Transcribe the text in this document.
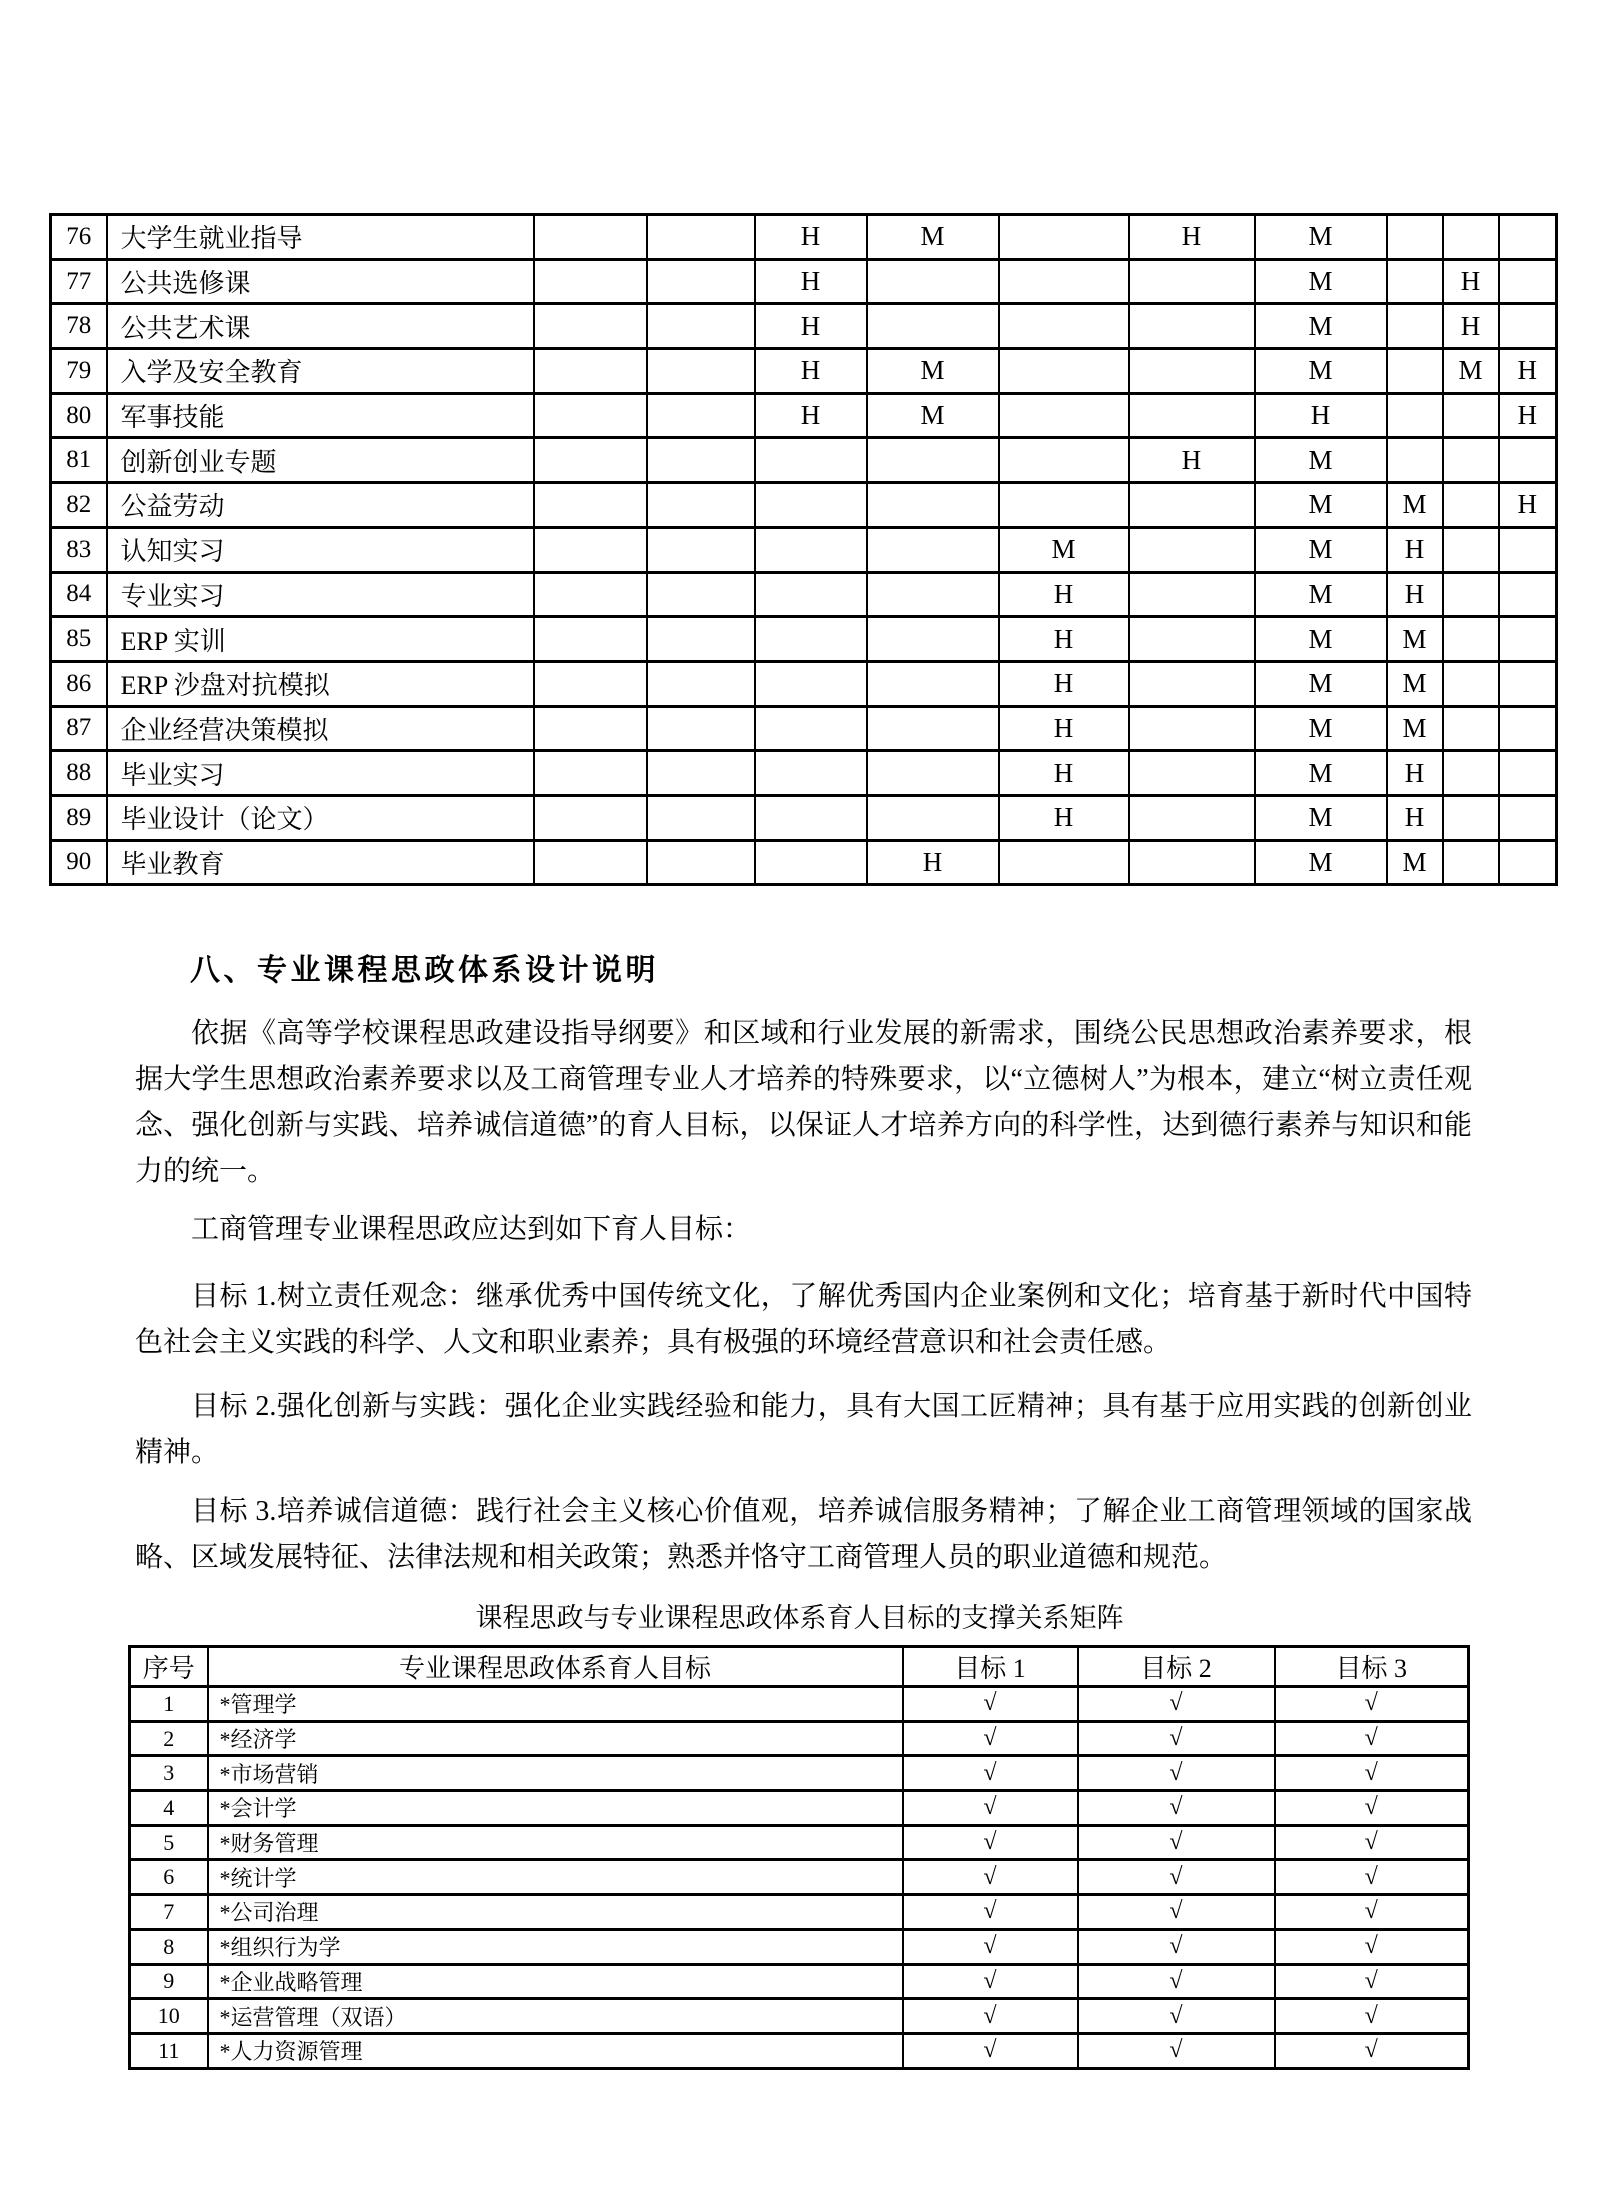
76	大学生就业指导			H	M		H	M			
77	公共选修课			H				M		H	
78	公共艺术课			H				M		H	
79	入学及安全教育			H	M			M		M	H
80	军事技能			H	M			H			H
81	创新创业专题						H	M			
82	公益劳动							M	M		H
83	认知实习					M		M	H		
84	专业实习					H		M	H		
85	ERP 实训					H		M	M		
86	ERP 沙盘对抗模拟					H		M	M		
87	企业经营决策模拟					H		M	M		
88	毕业实习					H		M	H		
89	毕业设计（论文）					H		M	H		
90	毕业教育				H			M	M		
八、专业课程思政体系设计说明

依据《高等学校课程思政建设指导纲要》和区域和行业发展的新需求，围绕公民思想政治素养要求，根据大学生思想政治素养要求以及工商管理专业人才培养的特殊要求，以“立德树人”为根本，建立“树立责任观念、强化创新与实践、培养诚信道德”的育人目标，以保证人才培养方向的科学性，达到德行素养与知识和能力的统一。

工商管理专业课程思政应达到如下育人目标：

目标 1.树立责任观念：继承优秀中国传统文化，了解优秀国内企业案例和文化；培育基于新时代中国特色社会主义实践的科学、人文和职业素养；具有极强的环境经营意识和社会责任感。

目标 2.强化创新与实践：强化企业实践经验和能力，具有大国工匠精神；具有基于应用实践的创新创业精神。

目标 3.培养诚信道德：践行社会主义核心价值观，培养诚信服务精神；了解企业工商管理领域的国家战略、区域发展特征、法律法规和相关政策；熟悉并恪守工商管理人员的职业道德和规范。

课程思政与专业课程思政体系育人目标的支撑关系矩阵
序号	专业课程思政体系育人目标	目标 1	目标 2	目标 3
1	*管理学	√	√	√
2	*经济学	√	√	√
3	*市场营销	√	√	√
4	*会计学	√	√	√
5	*财务管理	√	√	√
6	*统计学	√	√	√
7	*公司治理	√	√	√
8	*组织行为学	√	√	√
9	*企业战略管理	√	√	√
10	*运营管理（双语）	√	√	√
11	*人力资源管理	√	√	√
